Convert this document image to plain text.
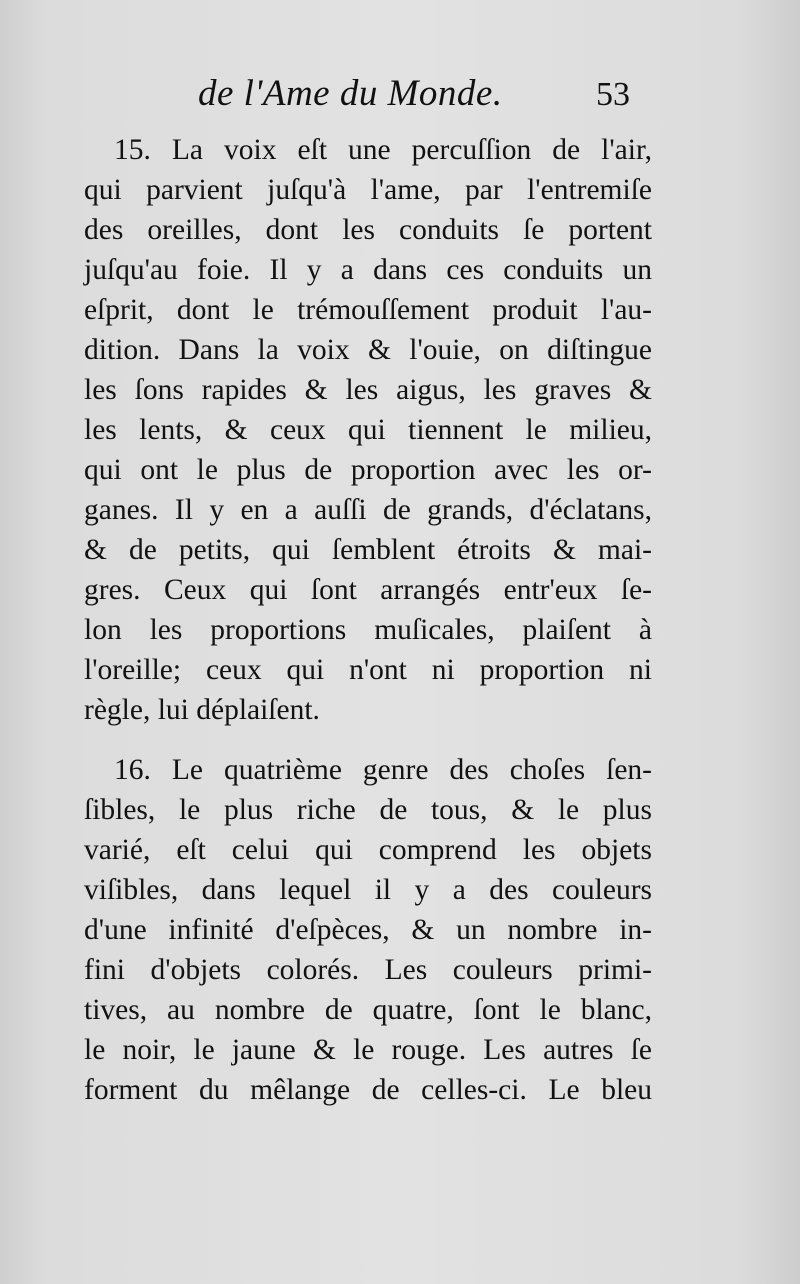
de l'Ame du Monde.	53

15. La voix eſt une percuſſion de l'air,
qui parvient juſqu'à l'ame, par l'entremiſe
des oreilles, dont les conduits ſe portent
juſqu'au foie. Il y a dans ces conduits un
eſprit, dont le trémouſſement produit l'au-
dition. Dans la voix & l'ouie, on diſtingue
les ſons rapides & les aigus, les graves &
les lents, & ceux qui tiennent le milieu,
qui ont le plus de proportion avec les or-
ganes. Il y en a auſſi de grands, d'éclatans,
& de petits, qui ſemblent étroits & mai-
gres. Ceux qui ſont arrangés entr'eux ſe-
lon les proportions muſicales, plaiſent à
l'oreille; ceux qui n'ont ni proportion ni
règle, lui déplaiſent.

16. Le quatrième genre des choſes ſen-
ſibles, le plus riche de tous, & le plus
varié, eſt celui qui comprend les objets
viſibles, dans lequel il y a des couleurs
d'une infinité d'eſpèces, & un nombre in-
fini d'objets colorés. Les couleurs primi-
tives, au nombre de quatre, ſont le blanc,
le noir, le jaune & le rouge. Les autres ſe
forment du mêlange de celles-ci. Le bleu
